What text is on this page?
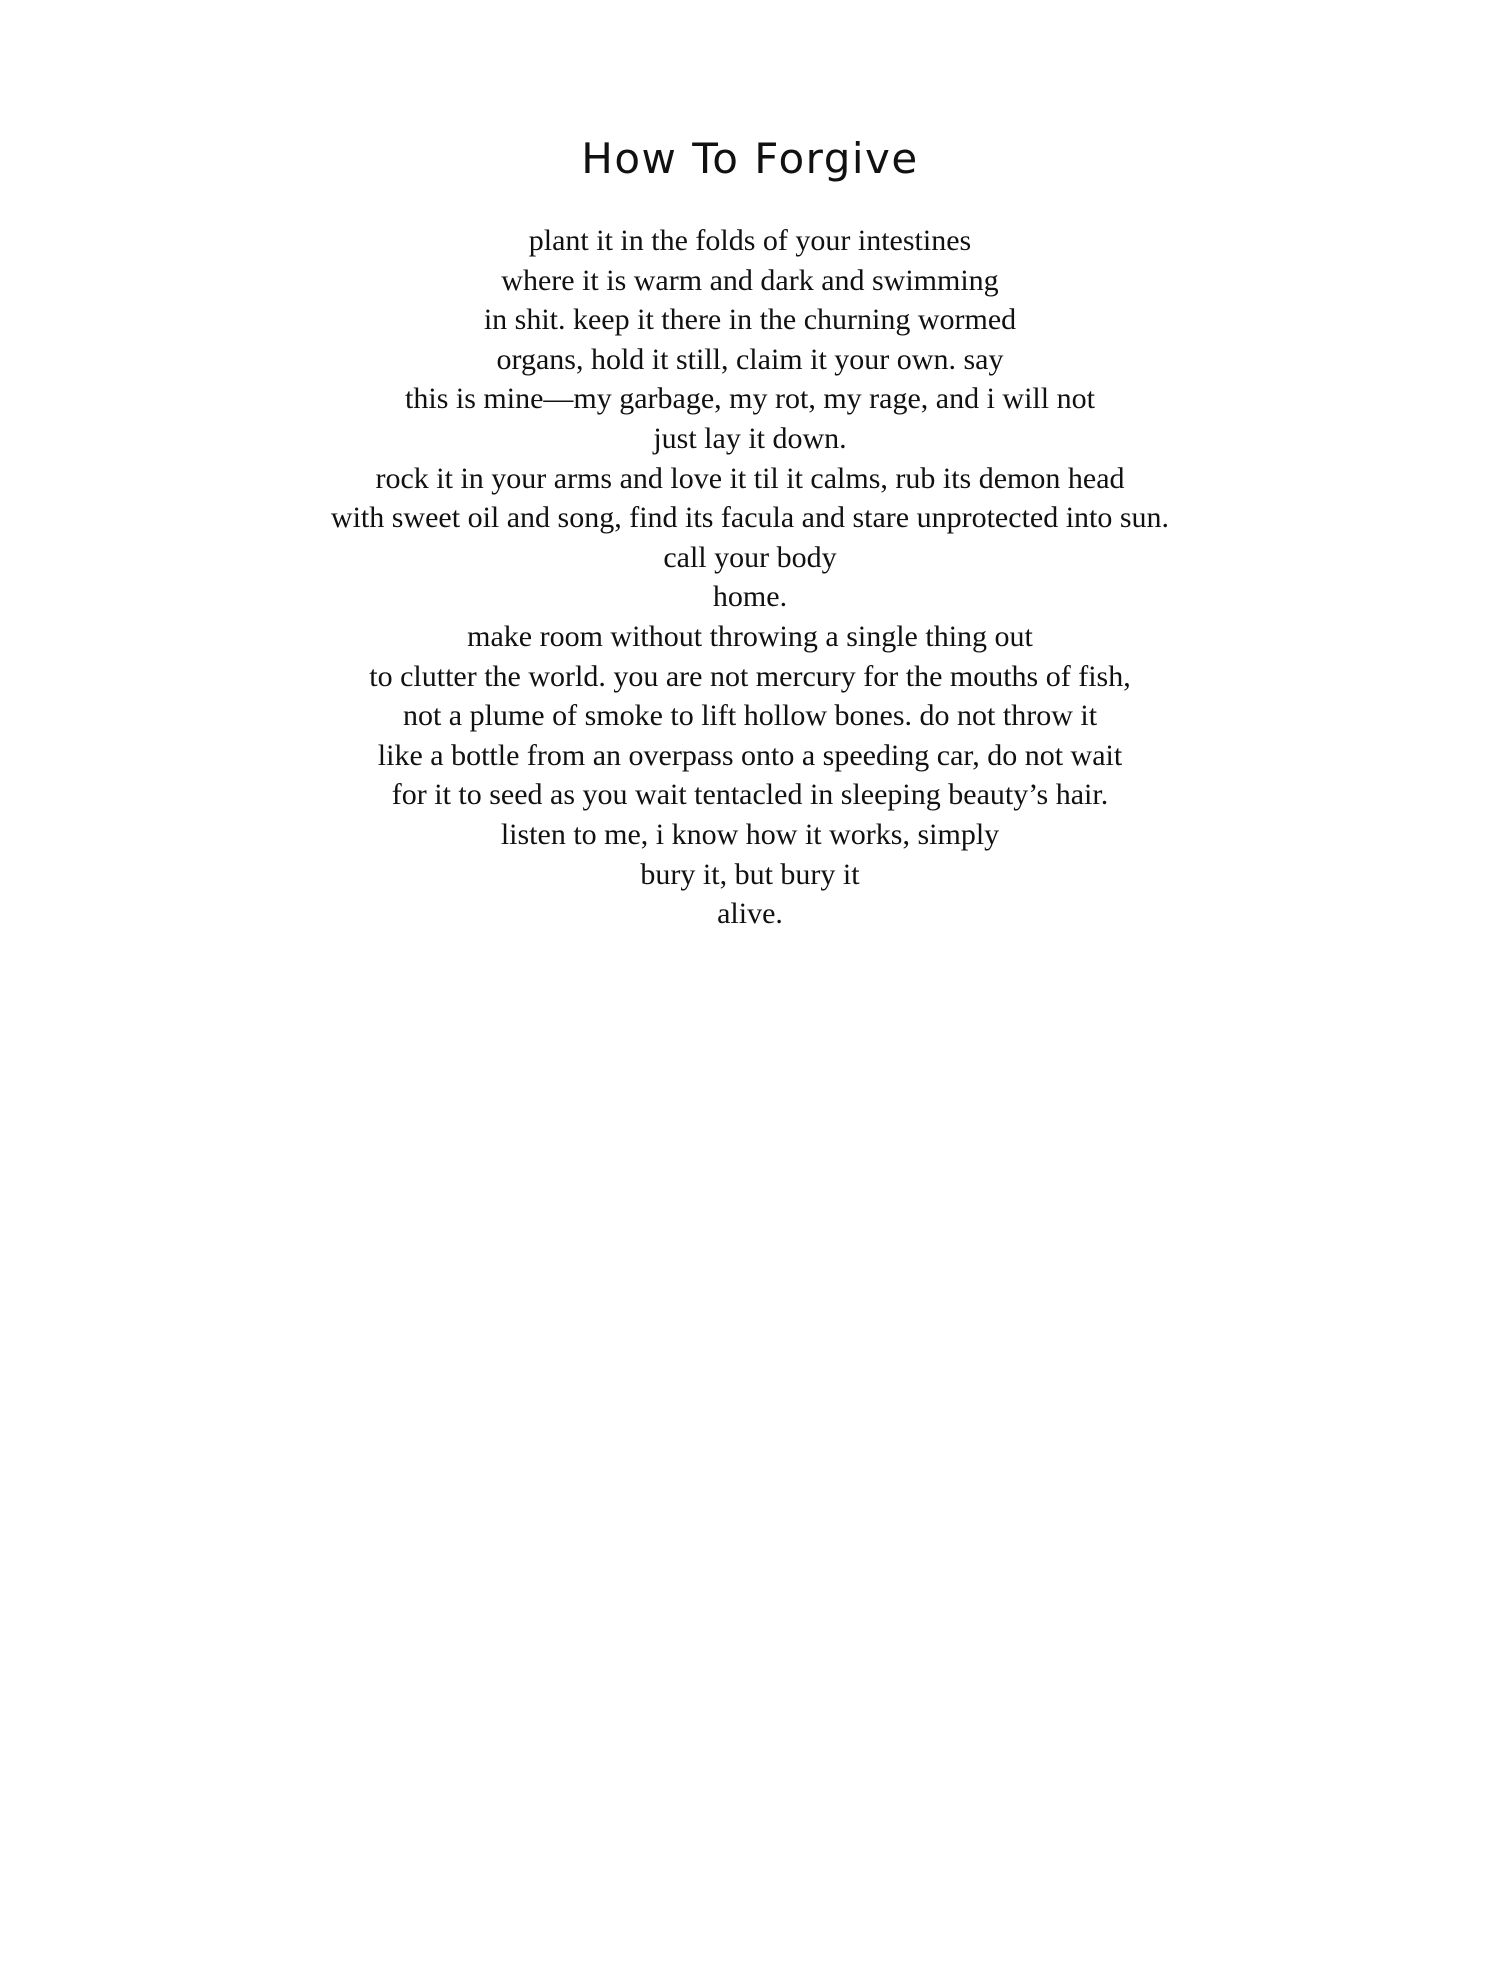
How To Forgive
plant it in the folds of your intestines
where it is warm and dark and swimming
in shit. keep it there in the churning wormed
organs, hold it still, claim it your own. say
this is mine—my garbage, my rot, my rage, and i will not
just lay it down.
rock it in your arms and love it til it calms, rub its demon head
with sweet oil and song, find its facula and stare unprotected into sun.
call your body
home.
make room without throwing a single thing out
to clutter the world. you are not mercury for the mouths of fish,
not a plume of smoke to lift hollow bones. do not throw it
like a bottle from an overpass onto a speeding car, do not wait
for it to seed as you wait tentacled in sleeping beauty’s hair.
listen to me, i know how it works, simply
bury it, but bury it
alive.
